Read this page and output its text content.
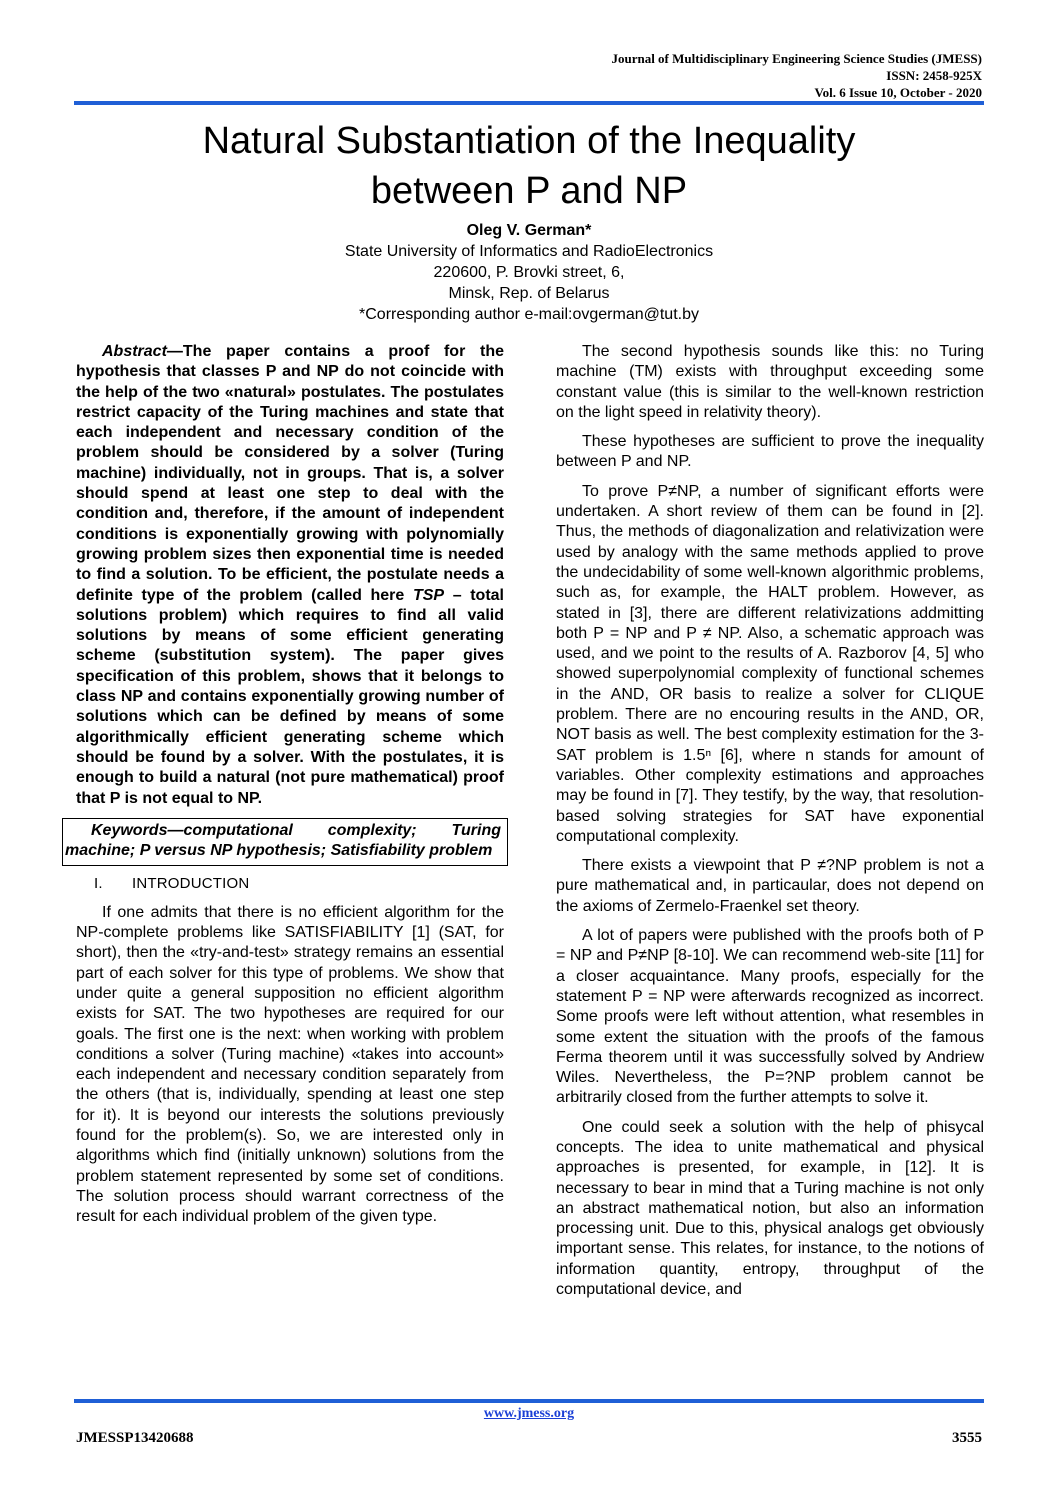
Journal of Multidisciplinary Engineering Science Studies (JMESS)
ISSN: 2458-925X
Vol. 6 Issue 10, October - 2020
Natural Substantiation of the Inequality
between P and NP
Oleg V. German*
State University of Informatics and RadioElectronics
220600, P. Brovki street, 6,
Minsk, Rep. of Belarus
*Corresponding author e-mail:ovgerman@tut.by

Abstract—The paper contains a proof for the hypothesis that classes P and NP do not coincide with the help of the two «natural» postulates. The postulates restrict capacity of the Turing machines and state that each independent and necessary condition of the problem should be considered by a solver (Turing machine) individually, not in groups. That is, a solver should spend at least one step to deal with the condition and, therefore, if the amount of independent conditions is exponentially growing with polynomially growing problem sizes then exponential time is needed to find a solution. To be efficient, the postulate needs a definite type of the problem (called here TSP – total solutions problem) which requires to find all valid solutions by means of some efficient generating scheme (substitution system). The paper gives specification of this problem, shows that it belongs to class NP and contains exponentially growing number of solutions which can be defined by means of some algorithmically efficient generating scheme which should be found by a solver. With the postulates, it is enough to build a natural (not pure mathematical) proof that P is not equal to NP.

Keywords—computational complexity; Turing machine; P versus NP hypothesis; Satisfiability problem
I. INTRODUCTION

If one admits that there is no efficient algorithm for the NP-complete problems like SATISFIABILITY [1] (SAT, for short), then the «try-and-test» strategy remains an essential part of each solver for this type of problems. We show that under quite a general supposition no efficient algorithm exists for SAT. The two hypotheses are required for our goals. The first one is the next: when working with problem conditions a solver (Turing machine) «takes into account» each independent and necessary condition separately from the others (that is, individually, spending at least one step for it). It is beyond our interests the solutions previously found for the problem(s). So, we are interested only in algorithms which find (initially unknown) solutions from the problem statement represented by some set of conditions. The solution process should warrant correctness of the result for each individual problem of the given type.

The second hypothesis sounds like this: no Turing machine (TM) exists with throughput exceeding some constant value (this is similar to the well-known restriction on the light speed in relativity theory).

These hypotheses are sufficient to prove the inequality between P and NP.

To prove P≠NP, a number of significant efforts were undertaken. A short review of them can be found in [2]. Thus, the methods of diagonalization and relativization were used by analogy with the same methods applied to prove the undecidability of some well-known algorithmic problems, such as, for example, the HALT problem. However, as stated in [3], there are different relativizations addmitting both P = NP and P ≠ NP. Also, a schematic approach was used, and we point to the results of A. Razborov [4, 5] who showed superpolynomial complexity of functional schemes in the AND, OR basis to realize a solver for CLIQUE problem. There are no encouring results in the AND, OR, NOT basis as well. The best complexity estimation for the 3-SAT problem is 1.5ⁿ [6], where n stands for amount of variables. Other complexity estimations and approaches may be found in [7]. They testify, by the way, that resolution-based solving strategies for SAT have exponential computational complexity.

There exists a viewpoint that P ≠?NP problem is not a pure mathematical and, in particaular, does not depend on the axioms of Zermelo-Fraenkel set theory.

A lot of papers were published with the proofs both of P = NP and P≠NP [8-10]. We can recommend web-site [11] for a closer acquaintance. Many proofs, especially for the statement P = NP were afterwards recognized as incorrect. Some proofs were left without attention, what resembles in some extent the situation with the proofs of the famous Ferma theorem until it was successfully solved by Andriew Wiles. Nevertheless, the P=?NP problem cannot be arbitrarily closed from the further attempts to solve it.

One could seek a solution with the help of phisycal concepts. The idea to unite mathematical and physical approaches is presented, for example, in [12]. It is necessary to bear in mind that a Turing machine is not only an abstract mathematical notion, but also an information processing unit. Due to this, physical analogs get obviously important sense. This relates, for instance, to the notions of information quantity, entropy, throughput of the computational device, and

www.jmess.org
JMESSP13420688	3555
